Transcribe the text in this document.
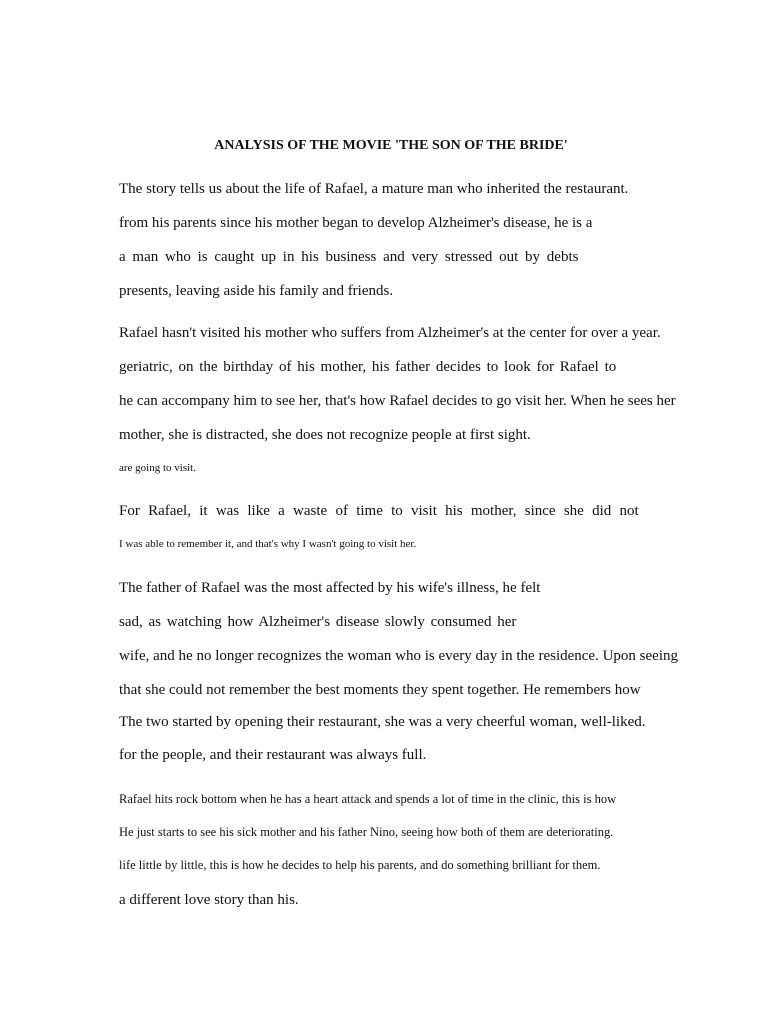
ANALYSIS OF THE MOVIE 'THE SON OF THE BRIDE'
The story tells us about the life of Rafael, a mature man who inherited the restaurant.
from his parents since his mother began to develop Alzheimer's disease, he is a
a man who is caught up in his business and very stressed out by debts
presents, leaving aside his family and friends.
Rafael hasn't visited his mother who suffers from Alzheimer's at the center for over a year.
geriatric, on the birthday of his mother, his father decides to look for Rafael to
he can accompany him to see her, that's how Rafael decides to go visit her. When he sees her
mother, she is distracted, she does not recognize people at first sight.
are going to visit.
For Rafael, it was like a waste of time to visit his mother, since she did not
I was able to remember it, and that's why I wasn't going to visit her.
The father of Rafael was the most affected by his wife's illness, he felt
sad, as watching how Alzheimer's disease slowly consumed her
wife, and he no longer recognizes the woman who is every day in the residence. Upon seeing
that she could not remember the best moments they spent together. He remembers how
The two started by opening their restaurant, she was a very cheerful woman, well-liked.
for the people, and their restaurant was always full.
Rafael hits rock bottom when he has a heart attack and spends a lot of time in the clinic, this is how
He just starts to see his sick mother and his father Nino, seeing how both of them are deteriorating.
life little by little, this is how he decides to help his parents, and do something brilliant for them.
a different love story than his.
